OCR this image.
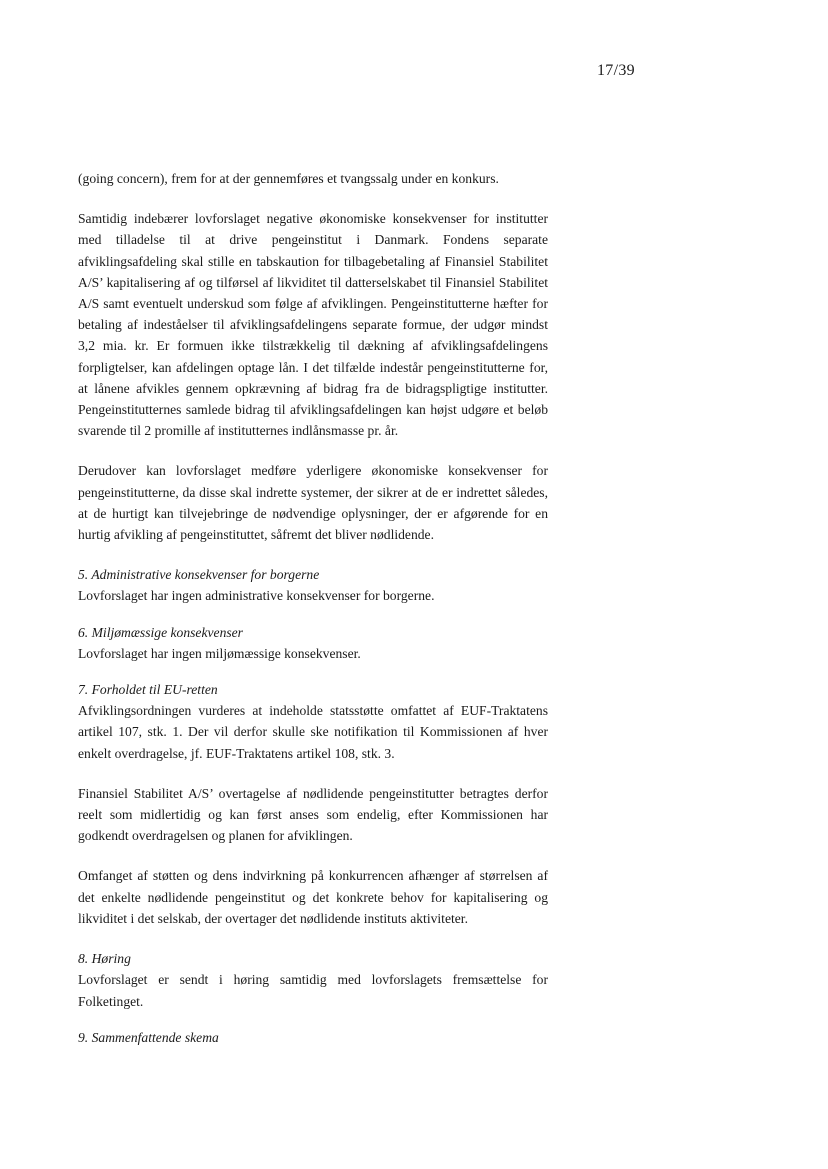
17/39

(going concern), frem for at der gennemføres et tvangssalg under en konkurs.

Samtidig indebærer lovforslaget negative økonomiske konsekvenser for institutter med tilladelse til at drive pengeinstitut i Danmark. Fondens separate afviklingsafdeling skal stille en tabskaution for tilbagebetaling af Finansiel Stabilitet A/S’ kapitalisering af og tilførsel af likviditet til datterselskabet til Finansiel Stabilitet A/S samt eventuelt underskud som følge af afviklingen. Pengeinstitutterne hæfter for betaling af indeståelser til afviklingsafdelingens separate formue, der udgør mindst 3,2 mia. kr. Er formuen ikke tilstrækkelig til dækning af afviklingsafdelingens forpligtelser, kan afdelingen optage lån. I det tilfælde indestår pengeinstitutterne for, at lånene afvikles gennem opkrævning af bidrag fra de bidragspligtige institutter. Pengeinstitutternes samlede bidrag til afviklingsafdelingen kan højst udgøre et beløb svarende til 2 promille af institutternes indlånsmasse pr. år.

Derudover kan lovforslaget medføre yderligere økonomiske konsekvenser for pengeinstitutterne, da disse skal indrette systemer, der sikrer at de er indrettet således, at de hurtigt kan tilvejebringe de nødvendige oplysninger, der er afgørende for en hurtig afvikling af pengeinstituttet, såfremt det bliver nødlidende.

5. Administrative konsekvenser for borgerne
Lovforslaget har ingen administrative konsekvenser for borgerne.
6. Miljømæssige konsekvenser
Lovforslaget har ingen miljømæssige konsekvenser.
7. Forholdet til EU-retten

Afviklingsordningen vurderes at indeholde statsstøtte omfattet af EUF-Traktatens artikel 107, stk. 1. Der vil derfor skulle ske notifikation til Kommissionen af hver enkelt overdragelse, jf. EUF-Traktatens artikel 108, stk. 3.

Finansiel Stabilitet A/S’ overtagelse af nødlidende pengeinstitutter betragtes derfor reelt som midlertidig og kan først anses som endelig, efter Kommissionen har godkendt overdragelsen og planen for afviklingen.

Omfanget af støtten og dens indvirkning på konkurrencen afhænger af størrelsen af det enkelte nødlidende pengeinstitut og det konkrete behov for kapitalisering og likviditet i det selskab, der overtager det nødlidende instituts aktiviteter.

8. Høring
Lovforslaget er sendt i høring samtidig med lovforslagets fremsættelse for Folketinget.
9. Sammenfattende skema
